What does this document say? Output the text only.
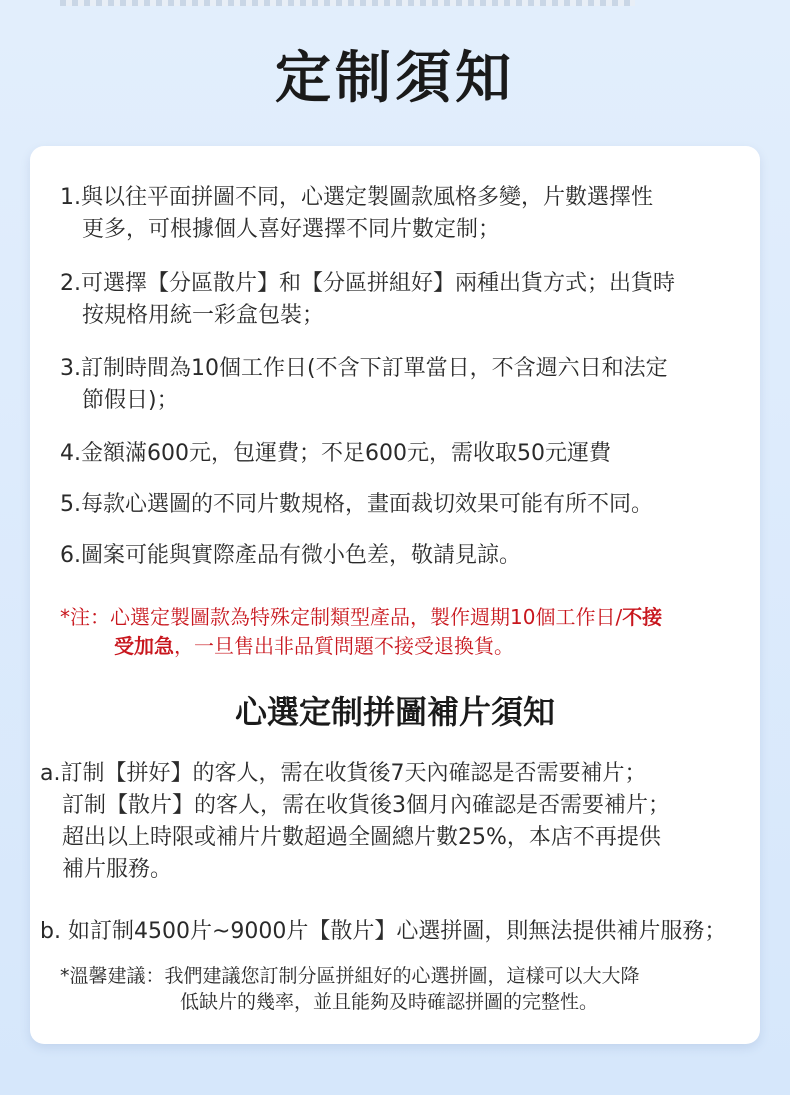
定制須知
1.與以往平面拼圖不同，心選定製圖款風格多變，片數選擇性
更多，可根據個人喜好選擇不同片數定制；
2.可選擇【分區散片】和【分區拼組好】兩種出貨方式；出貨時
按規格用統一彩盒包裝；
3.訂制時間為10個工作日(不含下訂單當日，不含週六日和法定
節假日)；
4.金額滿600元，包運費；不足600元，需收取50元運費
5.每款心選圖的不同片數規格，畫面裁切效果可能有所不同。
6.圖案可能與實際產品有微小色差，敬請見諒。
*注：心選定製圖款為特殊定制類型產品，製作週期10個工作日/不接
受加急，一旦售出非品質問題不接受退換貨。
心選定制拼圖補片須知
a.訂制【拼好】的客人，需在收貨後7天內確認是否需要補片；
訂制【散片】的客人，需在收貨後3個月內確認是否需要補片；
超出以上時限或補片片數超過全圖總片數25%，本店不再提供
補片服務。
b. 如訂制4500片~9000片【散片】心選拼圖，則無法提供補片服務；
*溫馨建議：我們建議您訂制分區拼組好的心選拼圖，這樣可以大大降
低缺片的幾率，並且能夠及時確認拼圖的完整性。
